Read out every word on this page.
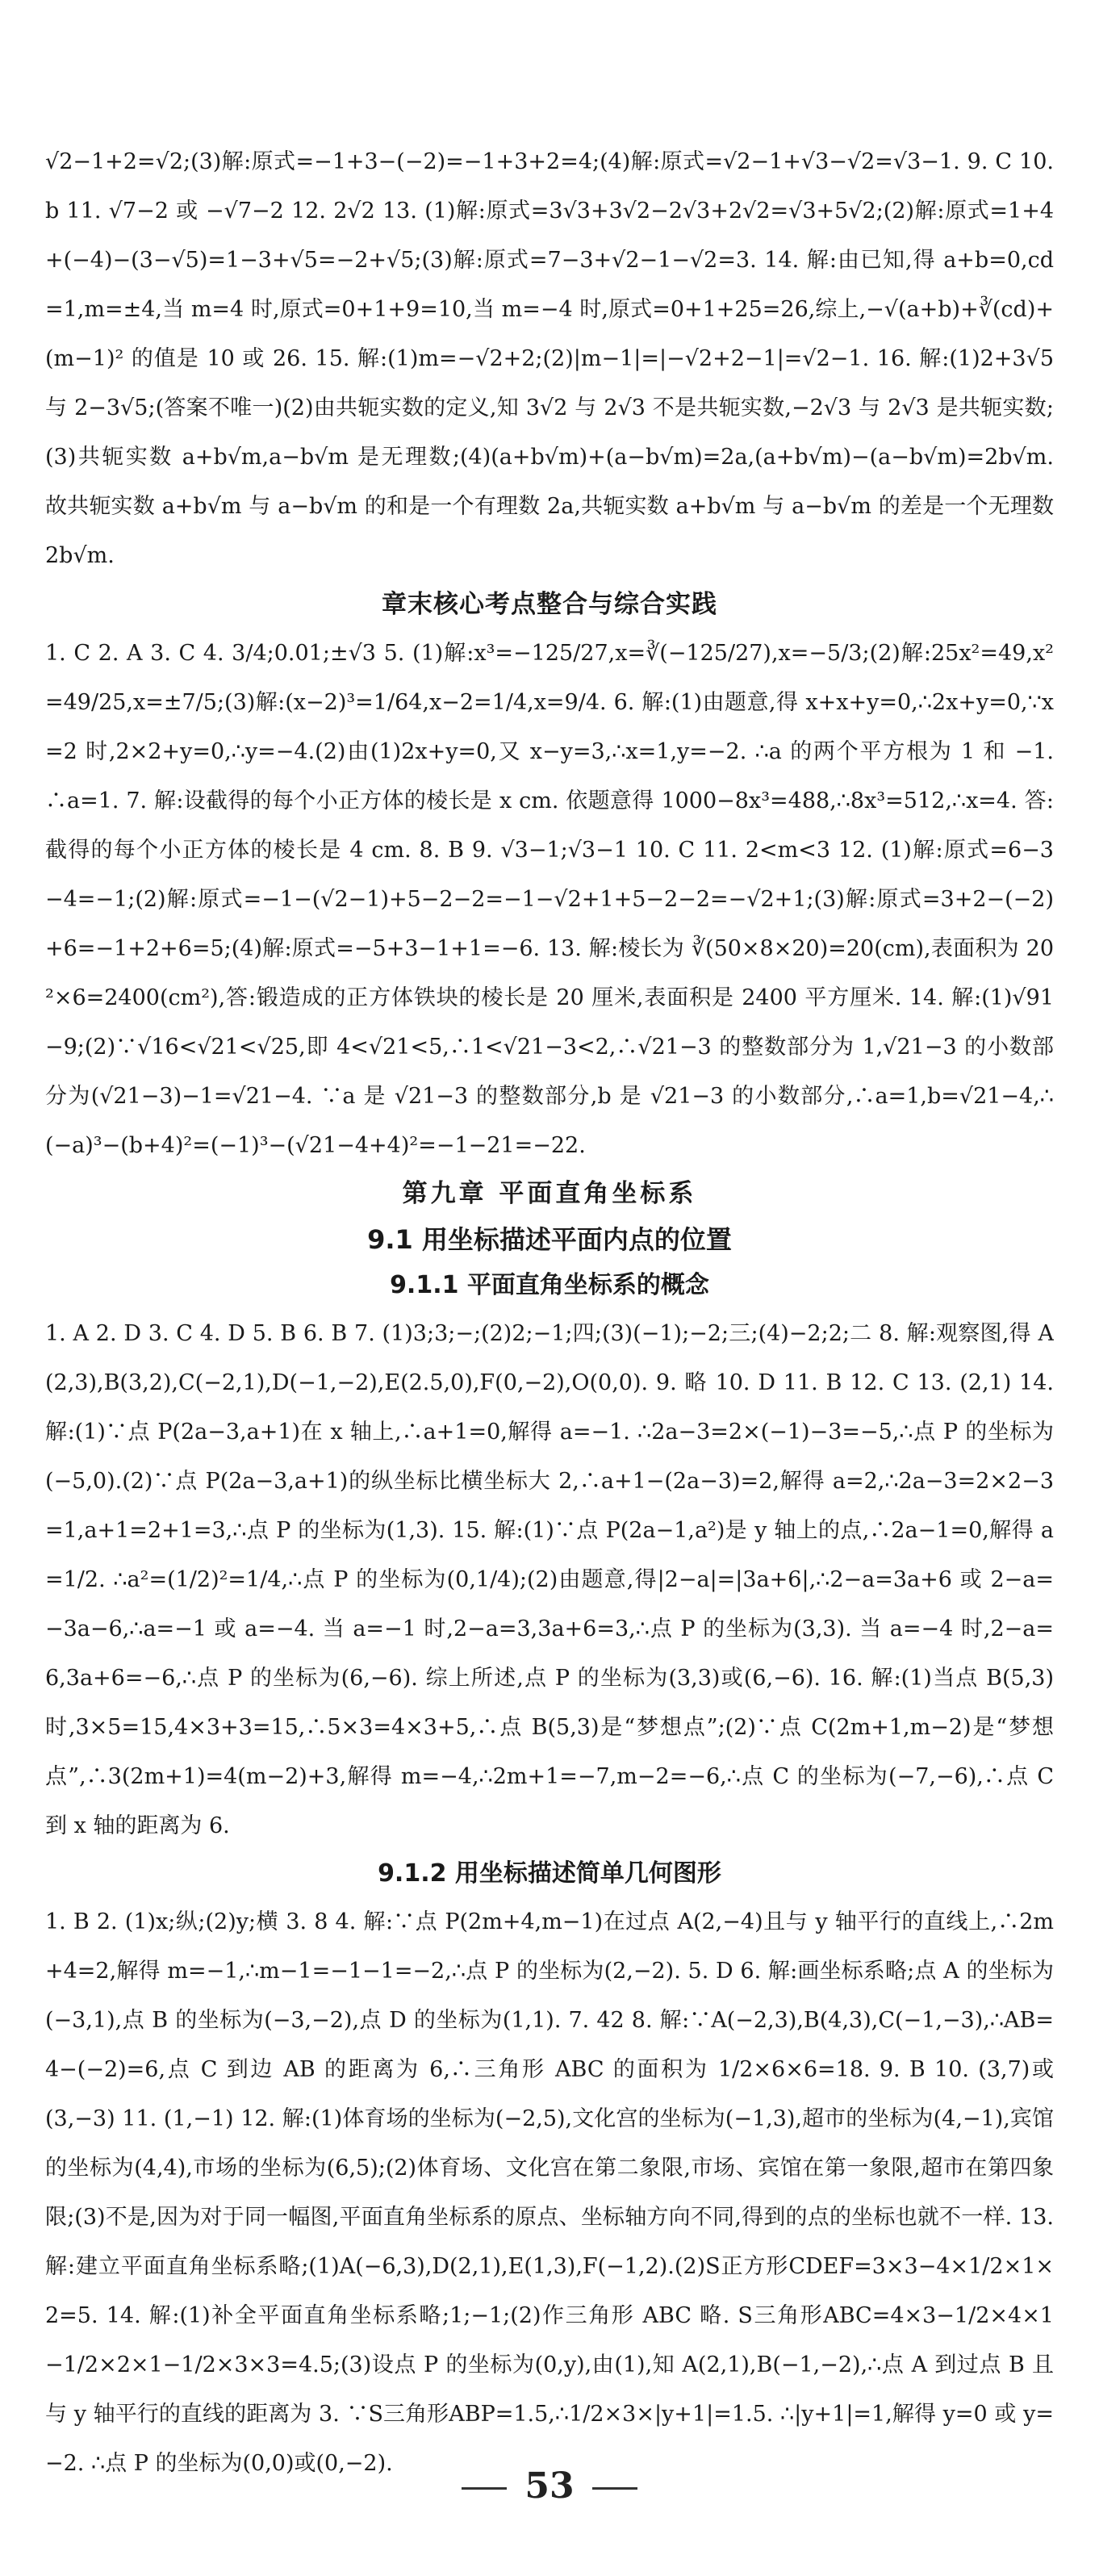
√2−1+2=√2;(3)解:原式=−1+3−(−2)=−1+3+2=4;(4)解:原式=√2−1+√3−√2=√3−1. 9. C 10. b 11. √7−2 或 −√7−2 12. 2√2 13. (1)解:原式=3√3+3√2−2√3+2√2=√3+5√2;(2)解:原式=1+4+(−4)−(3−√5)=1−3+√5=−2+√5;(3)解:原式=7−3+√2−1−√2=3. 14. 解:由已知,得 a+b=0,cd=1,m=±4,当 m=4 时,原式=0+1+9=10,当 m=−4 时,原式=0+1+25=26,综上,−√(a+b)+∛(cd)+(m−1)² 的值是 10 或 26. 15. 解:(1)m=−√2+2;(2)|m−1|=|−√2+2−1|=√2−1. 16. 解:(1)2+3√5 与 2−3√5;(答案不唯一)(2)由共轭实数的定义,知 3√2 与 2√3 不是共轭实数,−2√3 与 2√3 是共轭实数;(3)共轭实数 a+b√m,a−b√m 是无理数;(4)(a+b√m)+(a−b√m)=2a,(a+b√m)−(a−b√m)=2b√m. 故共轭实数 a+b√m 与 a−b√m 的和是一个有理数 2a,共轭实数 a+b√m 与 a−b√m 的差是一个无理数 2b√m.

章末核心考点整合与综合实践

1. C 2. A 3. C 4. 3/4;0.01;±√3 5. (1)解:x³=−125/27,x=∛(−125/27),x=−5/3;(2)解:25x²=49,x²=49/25,x=±7/5;(3)解:(x−2)³=1/64,x−2=1/4,x=9/4. 6. 解:(1)由题意,得 x+x+y=0,∴2x+y=0,∵x=2 时,2×2+y=0,∴y=−4.(2)由(1)2x+y=0,又 x−y=3,∴x=1,y=−2. ∴a 的两个平方根为 1 和 −1. ∴a=1. 7. 解:设截得的每个小正方体的棱长是 x cm. 依题意得 1000−8x³=488,∴8x³=512,∴x=4. 答:截得的每个小正方体的棱长是 4 cm. 8. B 9. √3−1;√3−1 10. C 11. 2<m<3 12. (1)解:原式=6−3−4=−1;(2)解:原式=−1−(√2−1)+5−2−2=−1−√2+1+5−2−2=−√2+1;(3)解:原式=3+2−(−2)+6=−1+2+6=5;(4)解:原式=−5+3−1+1=−6. 13. 解:棱长为 ∛(50×8×20)=20(cm),表面积为 20²×6=2400(cm²),答:锻造成的正方体铁块的棱长是 20 厘米,表面积是 2400 平方厘米. 14. 解:(1)√91−9;(2)∵√16<√21<√25,即 4<√21<5,∴1<√21−3<2,∴√21−3 的整数部分为 1,√21−3 的小数部分为(√21−3)−1=√21−4. ∵a 是 √21−3 的整数部分,b 是 √21−3 的小数部分,∴a=1,b=√21−4,∴(−a)³−(b+4)²=(−1)³−(√21−4+4)²=−1−21=−22.

第九章 平面直角坐标系
9.1 用坐标描述平面内点的位置
9.1.1 平面直角坐标系的概念

1. A 2. D 3. C 4. D 5. B 6. B 7. (1)3;3;−;(2)2;−1;四;(3)(−1);−2;三;(4)−2;2;二 8. 解:观察图,得 A(2,3),B(3,2),C(−2,1),D(−1,−2),E(2.5,0),F(0,−2),O(0,0). 9. 略 10. D 11. B 12. C 13. (2,1) 14. 解:(1)∵点 P(2a−3,a+1)在 x 轴上,∴a+1=0,解得 a=−1. ∴2a−3=2×(−1)−3=−5,∴点 P 的坐标为(−5,0).(2)∵点 P(2a−3,a+1)的纵坐标比横坐标大 2,∴a+1−(2a−3)=2,解得 a=2,∴2a−3=2×2−3=1,a+1=2+1=3,∴点 P 的坐标为(1,3). 15. 解:(1)∵点 P(2a−1,a²)是 y 轴上的点,∴2a−1=0,解得 a=1/2. ∴a²=(1/2)²=1/4,∴点 P 的坐标为(0,1/4);(2)由题意,得|2−a|=|3a+6|,∴2−a=3a+6 或 2−a=−3a−6,∴a=−1 或 a=−4. 当 a=−1 时,2−a=3,3a+6=3,∴点 P 的坐标为(3,3). 当 a=−4 时,2−a=6,3a+6=−6,∴点 P 的坐标为(6,−6). 综上所述,点 P 的坐标为(3,3)或(6,−6). 16. 解:(1)当点 B(5,3)时,3×5=15,4×3+3=15,∴5×3=4×3+5,∴点 B(5,3)是“梦想点”;(2)∵点 C(2m+1,m−2)是“梦想点”,∴3(2m+1)=4(m−2)+3,解得 m=−4,∴2m+1=−7,m−2=−6,∴点 C 的坐标为(−7,−6),∴点 C 到 x 轴的距离为 6.

9.1.2 用坐标描述简单几何图形

1. B 2. (1)x;纵;(2)y;横 3. 8 4. 解:∵点 P(2m+4,m−1)在过点 A(2,−4)且与 y 轴平行的直线上,∴2m+4=2,解得 m=−1,∴m−1=−1−1=−2,∴点 P 的坐标为(2,−2). 5. D 6. 解:画坐标系略;点 A 的坐标为(−3,1),点 B 的坐标为(−3,−2),点 D 的坐标为(1,1). 7. 42 8. 解:∵A(−2,3),B(4,3),C(−1,−3),∴AB=4−(−2)=6,点 C 到边 AB 的距离为 6,∴三角形 ABC 的面积为 1/2×6×6=18. 9. B 10. (3,7)或(3,−3) 11. (1,−1) 12. 解:(1)体育场的坐标为(−2,5),文化宫的坐标为(−1,3),超市的坐标为(4,−1),宾馆的坐标为(4,4),市场的坐标为(6,5);(2)体育场、文化宫在第二象限,市场、宾馆在第一象限,超市在第四象限;(3)不是,因为对于同一幅图,平面直角坐标系的原点、坐标轴方向不同,得到的点的坐标也就不一样. 13. 解:建立平面直角坐标系略;(1)A(−6,3),D(2,1),E(1,3),F(−1,2).(2)S正方形CDEF=3×3−4×1/2×1×2=5. 14. 解:(1)补全平面直角坐标系略;1;−1;(2)作三角形 ABC 略. S三角形ABC=4×3−1/2×4×1−1/2×2×1−1/2×3×3=4.5;(3)设点 P 的坐标为(0,y),由(1),知 A(2,1),B(−1,−2),∴点 A 到过点 B 且与 y 轴平行的直线的距离为 3. ∵S三角形ABP=1.5,∴1/2×3×|y+1|=1.5. ∴|y+1|=1,解得 y=0 或 y=−2. ∴点 P 的坐标为(0,0)或(0,−2).

53
